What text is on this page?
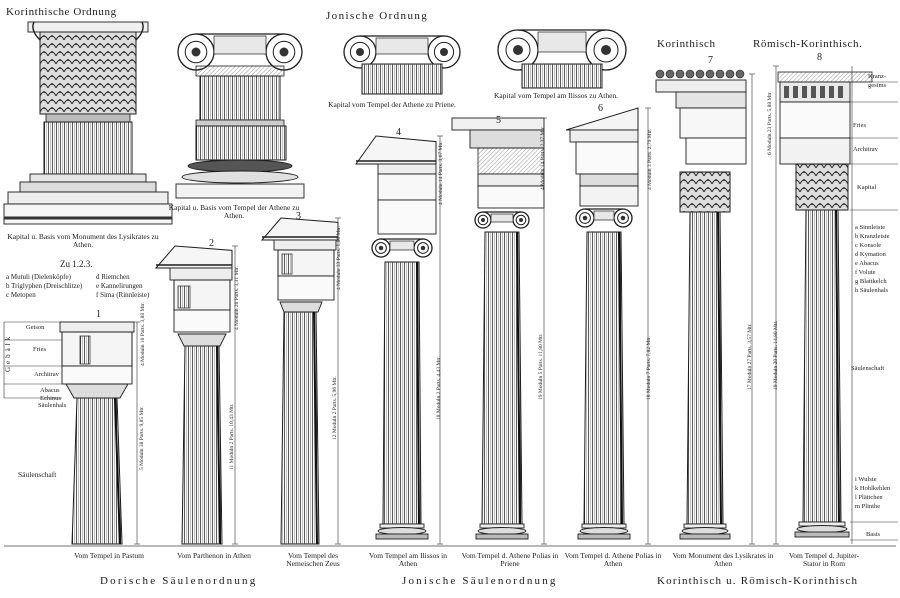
Korinthische Ordnung	Jonische Ordnung
Korinthisch	Römisch-Korinthisch.
Kapital u. Basis vom Monument des Lysikrates zu Athen.
Kapital u. Basis vom Tempel der Athene zu Athen.
Kapital vom Tempel der Athene zu Priene.
Kapital vom Tempel am Ilissos zu Athen.
Zu 1.2.3.
a Mutuli (Dielenköpfe)
b Triglyphen (Dreischlitze)
c Metopen
d Riemchen
e Kannelirungen
f Sima (Rinnleiste)
1
2
3
4
5
6
7	8
Gebälk
Geison
Fries
Architrav
Abacus
Echinus
Säulenhals
Säulenschaft
Kranz-gesims
Fries
Architrav
Kapital
Säulenschaft
Basis
a Sinnleiste
b Kranzleiste
c Konsole
d Kymation
e Abacus
f Volute
g Blattkelch
h Säulenhals
i Wulste
k Hohlkehlen
l Plättchen
m Plinthe
5 Moduln 38 Parts. 9,85 Mtr.	11 Moduln 2 Parts. 10,43 Mtr.	12 Moduln 2 Parts. 5,96 Mtr.	18 Moduln 2 Parts. 4,43 Mtr.	19 Moduln 5 Parts. 11,80 Mtr.	18 Moduln 7 Parts. 7,82 Mtr.	17 Moduln 27 Parts. 3,57 Mtr.	19 Moduln 20 Parts. 14,80 Mtr.
4 Moduln 10 Parts. 3,88 Mtr.
4 Moduln 20 Parts. 3,31 Mtr.
4 Moduln 33 Parts. 1,80 Mtr.
4 Moduln 14 Parts. 3,67 Mtr.	4 Moduln 14 Parts. 2,37 Mtr.	4 Moduln 3 Parts. 2,79 Mtr.
6 Moduln 23 Parts. 5,88 Mtr.
Vom Tempel in Pastum	Vom Parthenon in Athen	Vom Tempel des Nemeischen Zeus
Vom Tempel am Ilissos in Athen
Vom Tempel d. Athene Polias in Priene
Vom Tempel d. Athene Polias in Athen
Vom Monument des Lysikrates in Athen
Vom Tempel d. Jupiter-Stator in Rom
Dorische Säulenordnung	Jonische Säulenordnung	Korinthisch u. Römisch-Korinthisch
